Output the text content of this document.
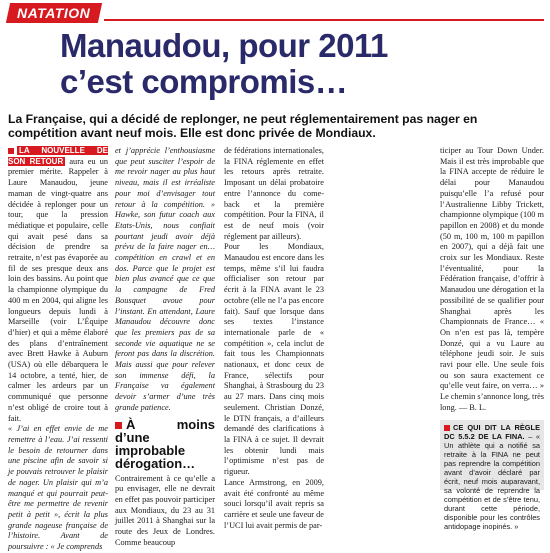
NATATION
Manaudou, pour 2011
c’est compromis…
La Française, qui a décidé de replonger, ne peut réglementairement pas nager en compétition avant neuf mois. Elle est donc privée de Mondiaux.

LA NOUVELLE DE SON RETOUR aura eu un premier mérite. Rappeler à Laure Manaudou, jeune maman de vingt-quatre ans décidée à replonger pour un tour, que la pression médiatique et populaire, celle qui avait pesé dans sa décision de prendre sa retraite, n’est pas évaporée au fil de ses presque deux ans loin des bassins. Au point que la championne olympique du 400 m en 2004, qui aligne les longueurs depuis lundi à Marseille (voir L’Équipe d’hier) et qui a même élaboré des plans d’entraînement avec Brett Hawke à Auburn (USA) où elle débarquera le 14 octobre, a tenté, hier, de calmer les ardeurs par un communiqué que personne n’est obligé de croire tout à fait.

« J’ai en effet envie de me remettre à l’eau. J’ai ressenti le besoin de retourner dans une piscine afin de savoir si je pouvais retrouver le plaisir de nager. Un plaisir qui m’a manqué et qui pourrait peut-être me permettre de revenir petit à petit », écrit la plus grande nageuse française de l’histoire. Avant de poursuivre : « Je comprends

et j’apprécie l’enthousiasme que peut susciter l’espoir de me revoir nager au plus haut niveau, mais il est irréaliste pour moi d’envisager tout retour à la compétition. » Hawke, son futur coach aux Etats-Unis, nous confiait pourtant jeudi avoir déjà prévu de la faire nager en… compétition en crawl et en dos. Parce que le projet est bien plus avancé que ce que la campagne de Fred Bousquet avoue pour l’instant. En attendant, Laure Manaudou découvre donc que les premiers pas de sa seconde vie aquatique ne se feront pas dans la discrétion. Mais aussi que pour relever son immense défi, la Française va également devoir s’armer d’une très grande patience.

À moins d’une improbable dérogation…

Contrairement à ce qu’elle a pu envisager, elle ne devrait en effet pas pouvoir participer aux Mondiaux, du 23 au 31 juillet 2011 à Shanghai sur la route des Jeux de Londres. Comme beaucoup

de fédérations internationales, la FINA réglemente en effet les retours après retraite. Imposant un délai probatoire entre l’annonce du come-back et la première compétition. Pour la FINA, il est de neuf mois (voir réglement par ailleurs).

Pour les Mondiaux, Manaudou est encore dans les temps, même s’il lui faudra officialiser son retour par écrit à la FINA avant le 23 octobre (elle ne l’a pas encore fait). Sauf que lorsque dans ses textes l’instance internationale parle de « compétition », cela inclut de fait tous les Championnats nationaux, et donc ceux de France, sélectifs pour Shanghai, à Strasbourg du 23 au 27 mars. Dans cinq mois seulement. Christian Donzé, le DTN français, a d’ailleurs demandé des clarifications à la FINA à ce sujet. Il devrait les obtenir lundi mais l’optimisme n’est pas de rigueur.

Lance Armstrong, en 2009, avait été confronté au même souci lorsqu’il avait repris sa carrière et seule une faveur de l’UCI lui avait permis de par-

ticiper au Tour Down Under. Mais il est très improbable que la FINA accepte de réduire le délai pour Manaudou puisqu’elle l’a refusé pour l’Australienne Libby Trickett, championne olympique (100 m papillon en 2008) et du monde (50 m, 100 m, 100 m papillon en 2007), qui a déjà fait une croix sur les Mondiaux. Reste l’éventualité, pour la Fédération française, d’offrir à Manaudou une dérogation et la possibilité de se qualifier pour Shanghai après les Championnats de France… « On n’en est pas là, tempère Donzé, qui a vu Laure au téléphone jeudi soir. Je suis ravi pour elle. Une seule fois ou son saura exactement ce qu’elle veut faire, on verra… » Le chemin s’annonce long, très long. — B. L.

CE QUI DIT LA RÈGLE DC 5.5.2 DE LA FINA. – « Un athlète qui a notifié sa retraite à la FINA ne peut pas reprendre la compétition avant d’avoir déclaré par écrit, neuf mois auparavant, sa volonté de reprendre la compétition et de s’être tenu, durant cette période, disponible pour les contrôles antidopage inopinés. »
